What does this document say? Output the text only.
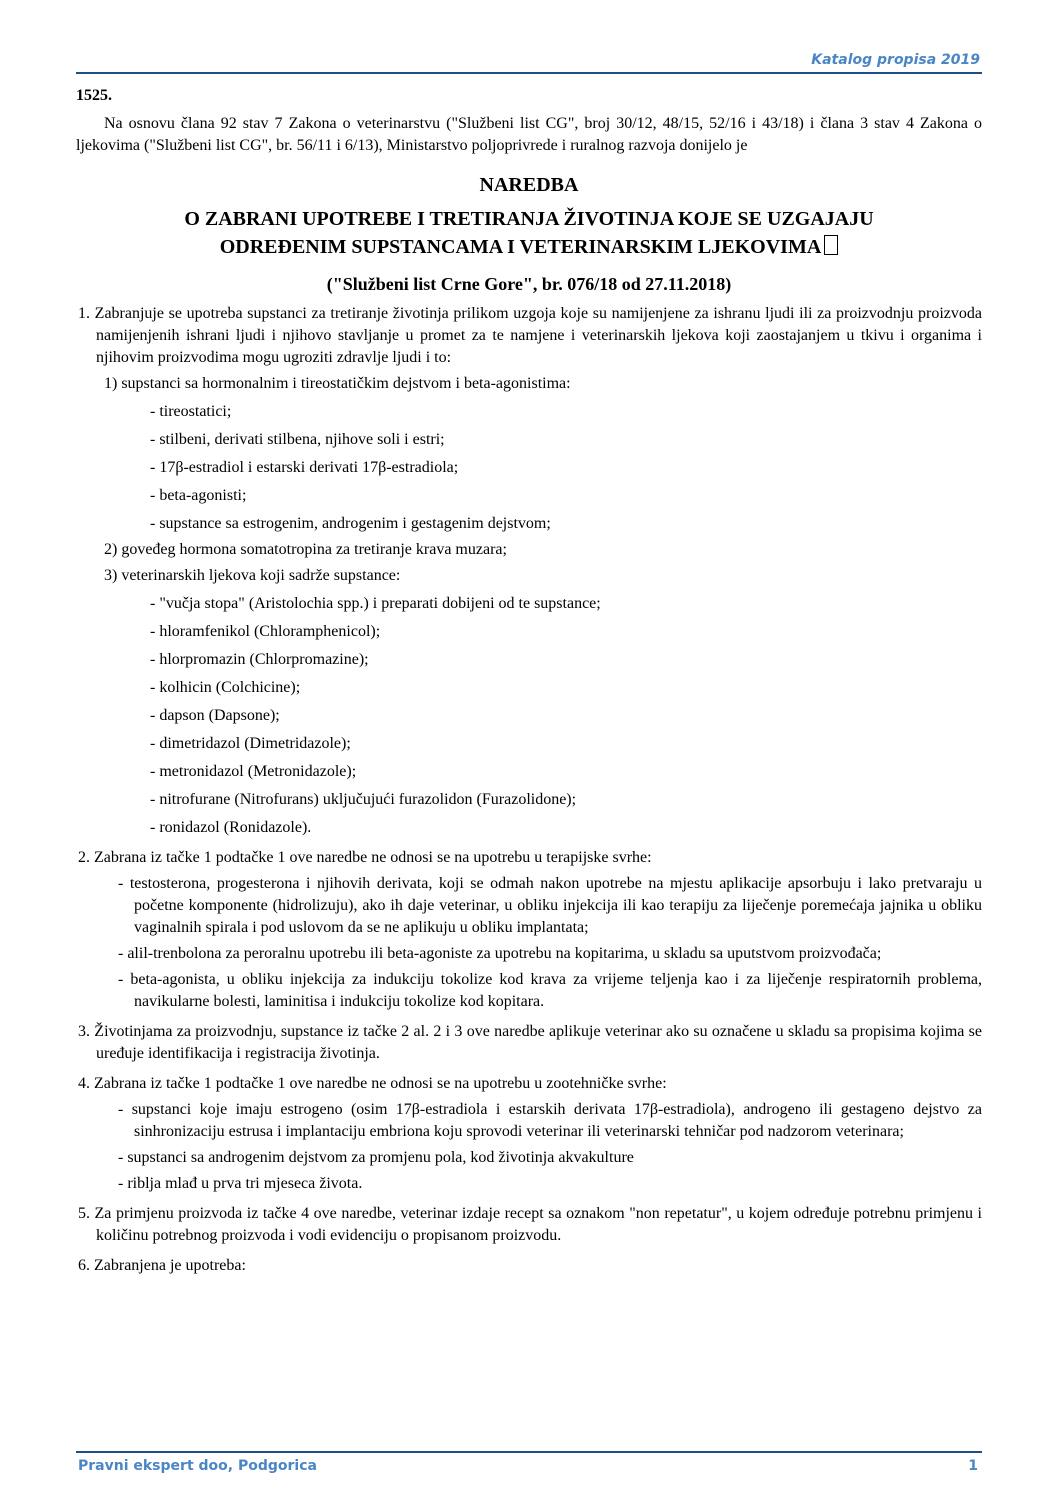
Katalog propisa 2019

1525.

Na osnovu člana 92 stav 7 Zakona o veterinarstvu ("Službeni list CG", broj 30/12, 48/15, 52/16 i 43/18) i člana 3 stav 4 Zakona o ljekovima ("Službeni list CG", br. 56/11 i 6/13), Ministarstvo poljoprivrede i ruralnog razvoja donijelo je

NAREDBA
O ZABRANI UPOTREBE I TRETIRANJA ŽIVOTINJA KOJE SE UZGAJAJU
ODREĐENIM SUPSTANCAMA I VETERINARSKIM LJEKOVIMA

("Službeni list Crne Gore", br. 076/18 od 27.11.2018)

1. Zabranjuje se upotreba supstanci za tretiranje životinja prilikom uzgoja koje su namijenjene za ishranu ljudi ili za proizvodnju proizvoda namijenjenih ishrani ljudi i njihovo stavljanje u promet za te namjene i veterinarskih ljekova koji zaostajanjem u tkivu i organima i njihovim proizvodima mogu ugroziti zdravlje ljudi i to:

1) supstanci sa hormonalnim i tireostatičkim dejstvom i beta-agonistima:

- tireostatici;

- stilbeni, derivati stilbena, njihove soli i estri;

- 17β-estradiol i estarski derivati 17β-estradiola;

- beta-agonisti;

- supstance sa estrogenim, androgenim i gestagenim dejstvom;

2) goveđeg hormona somatotropina za tretiranje krava muzara;

3) veterinarskih ljekova koji sadrže supstance:

- "vučja stopa" (Aristolochia spp.) i preparati dobijeni od te supstance;

- hloramfenikol (Chloramphenicol);

- hlorpromazin (Chlorpromazine);

- kolhicin (Colchicine);

- dapson (Dapsone);

- dimetridazol (Dimetridazole);

- metronidazol (Metronidazole);

- nitrofurane (Nitrofurans) uključujući furazolidon (Furazolidone);

- ronidazol (Ronidazole).

2. Zabrana iz tačke 1 podtačke 1 ove naredbe ne odnosi se na upotrebu u terapijske svrhe:

- testosterona, progesterona i njihovih derivata, koji se odmah nakon upotrebe na mjestu aplikacije apsorbuju i lako pretvaraju u početne komponente (hidrolizuju), ako ih daje veterinar, u obliku injekcija ili kao terapiju za liječenje poremećaja jajnika u obliku vaginalnih spirala i pod uslovom da se ne aplikuju u obliku implantata;

- alil-trenbolona za peroralnu upotrebu ili beta-agoniste za upotrebu na kopitarima, u skladu sa uputstvom proizvođača;

- beta-agonista, u obliku injekcija za indukciju tokolize kod krava za vrijeme teljenja kao i za liječenje respiratornih problema, navikularne bolesti, laminitisa i indukciju tokolize kod kopitara.

3. Životinjama za proizvodnju, supstance iz tačke 2 al. 2 i 3 ove naredbe aplikuje veterinar ako su označene u skladu sa propisima kojima se uređuje identifikacija i registracija životinja.

4. Zabrana iz tačke 1 podtačke 1 ove naredbe ne odnosi se na upotrebu u zootehničke svrhe:

- supstanci koje imaju estrogeno (osim 17β-estradiola i estarskih derivata 17β-estradiola), androgeno ili gestageno dejstvo za sinhronizaciju estrusa i implantaciju embriona koju sprovodi veterinar ili veterinarski tehničar pod nadzorom veterinara;

- supstanci sa androgenim dejstvom za promjenu pola, kod životinja akvakulture

- riblja mlađ u prva tri mjeseca života.

5. Za primjenu proizvoda iz tačke 4 ove naredbe, veterinar izdaje recept sa oznakom "non repetatur", u kojem određuje potrebnu primjenu i količinu potrebnog proizvoda i vodi evidenciju o propisanom proizvodu.

6. Zabranjena je upotreba:

Pravni ekspert doo, Podgorica	1
